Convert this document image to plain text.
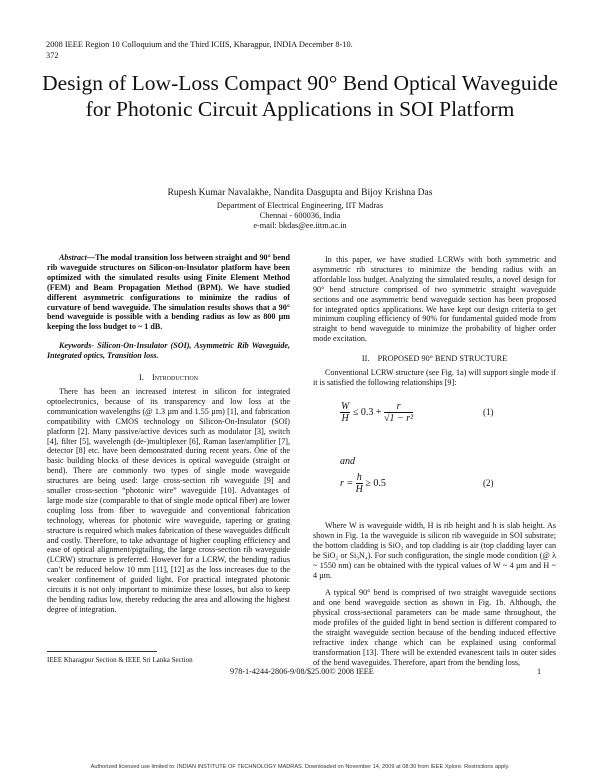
2008 IEEE Region 10 Colloquium and the Third ICIIS, Kharagpur, INDIA December 8-10.
372
Design of Low-Loss Compact 90° Bend Optical Waveguide for Photonic Circuit Applications in SOI Platform
Rupesh Kumar Navalakhe, Nandita Dasgupta and Bijoy Krishna Das
Department of Electrical Engineering, IIT Madras
Chennai - 600036, India
e-mail: bkdas@ee.iitm.ac.in

Abstract—The modal transition loss between straight and 90° bend rib waveguide structures on Silicon-on-Insulator platform have been optimized with the simulated results using Finite Element Method (FEM) and Beam Propagation Method (BPM). We have studied different asymmetric configurations to minimize the radius of curvature of bend waveguide. The simulation results shows that a 90° bend waveguide is possible with a bending radius as low as 800 µm keeping the loss budget to ~ 1 dB.

Keywords- Silicon-On-Insulator (SOI), Asymmetric Rib Waveguide, Integrated optics, Transition loss.

I. Introduction

There has been an increased interest in silicon for integrated optoelectronics, because of its transparency and low loss at the communication wavelengths (@ 1.3 µm and 1.55 µm) [1], and fabrication compatibility with CMOS technology on Silicon-On-Insulator (SOI) platform [2]. Many passive/active devices such as modulator [3], switch [4], filter [5], wavelength (de-)multiplexer [6], Raman laser/amplifier [7], detector [8] etc. have been demonstrated during recent years. One of the basic building blocks of these devices is optical waveguide (straight or bend). There are commonly two types of single mode waveguide structures are being used: large cross-section rib waveguide [9] and smaller cross-section “photonic wire” waveguide [10]. Advantages of large mode size (comparable to that of single mode optical fiber) are lower coupling loss from fiber to waveguide and conventional fabrication technology, whereas for photonic wire waveguide, tapering or grating structure is required which makes fabrication of these waveguides difficult and costly. Therefore, to take advantage of higher coupling efficiency and ease of optical alignment/pigtailing, the large cross-section rib waveguide (LCRW) structure is preferred. However for a LCRW, the bending radius can’t be reduced below 10 mm [11], [12] as the loss increases due to the weaker confinement of guided light. For practical integrated photonic circuits it is not only important to minimize these losses, but also to keep the bending radius low, thereby reducing the area and allowing the highest degree of integration.

In this paper, we have studied LCRWs with both symmetric and asymmetric rib structures to minimize the bending radius with an affordable loss budget. Analyzing the simulated results, a novel design for 90° bend structure comprised of two symmetric straight waveguide sections and one asymmetric bend waveguide section has been proposed for integrated optics applications. We have kept our design criteria to get minimum coupling efficiency of 90% for fundamental guided mode from straight to bend waveguide to minimize the probability of higher order mode excitation.

II. PROPOSED 90° BEND STRUCTURE

Conventional LCRW structure (see Fig. 1a) will support single mode if it is satisfied the following relationships [9]:

$\frac{W}{H} \le 0.3 + \frac{r}{\text{√1 − r²}}$	(1)
and
$r = \frac{h}{H} \ge 0.5$	(2)

Where W is waveguide width, H is rib height and h is slab height. As shown in Fig. 1a the waveguide is silicon rib waveguide in SOI substrate; the bottom cladding is SiO₂ and top cladding is air (top cladding layer can be SiO₂ or Si₃N₄). For such configuration, the single mode condition (@ λ ~ 1550 nm) can be obtained with the typical values of W ~ 4 µm and H ~ 4 µm.

A typical 90° bend is comprised of two straight waveguide sections and one bend waveguide section as shown in Fig. 1b. Although, the physical cross-sectional parameters can be made same throughout, the mode profiles of the guided light in bend section is different compared to the straight waveguide section because of the bending induced effective refractive index change which can be explained using conformal transformation [13]. There will be extended evanescent tails in outer sides of the bend waveguides. Therefore, apart from the bending loss,

IEEE Kharagpur Section & IEEE Sri Lanka Section
978-1-4244-2806-9/08/$25.00© 2008 IEEE	1
Authorized licensed use limited to: INDIAN INSTITUTE OF TECHNOLOGY MADRAS. Downloaded on November 14, 2009 at 08:30 from IEEE Xplore. Restrictions apply.
